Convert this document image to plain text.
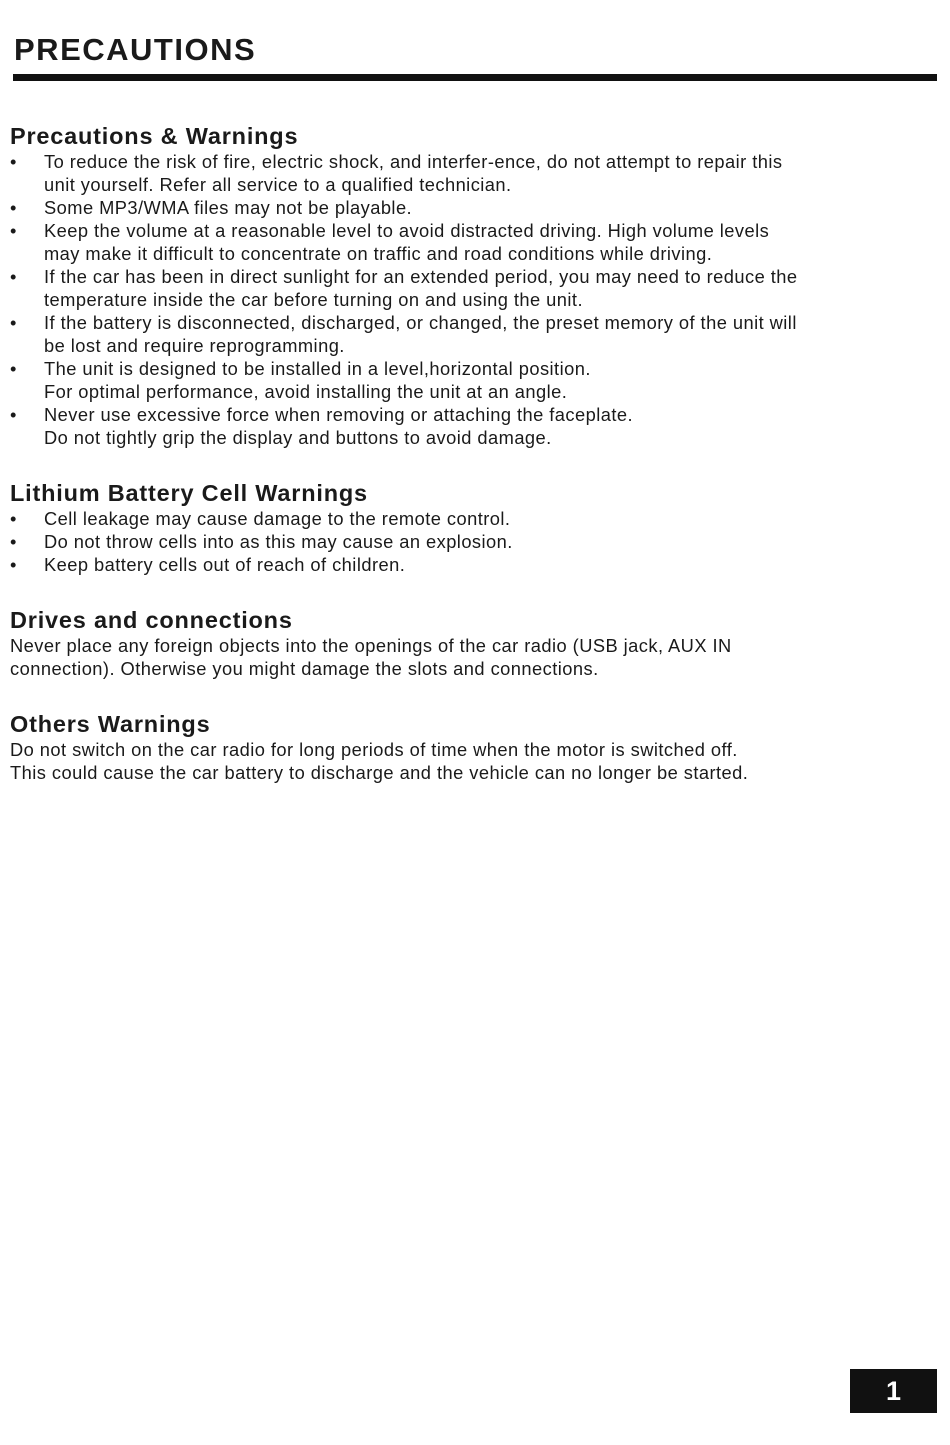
PRECAUTIONS
Precautions & Warnings
•	To reduce the risk of fire, electric shock, and interfer-ence, do not attempt to repair this
unit yourself. Refer all service to a qualified technician.
•	Some MP3/WMA files may not be playable.
•	Keep the volume at a reasonable level to avoid distracted driving. High volume levels
may make it difficult to concentrate on traffic and road conditions while driving.
•	If the car has been in direct sunlight for an extended period, you may need to reduce the
temperature inside the car before turning on and using the unit.
•	If the battery is disconnected, discharged, or changed, the preset memory of the unit will
be lost and require reprogramming.
•	The unit is designed to be installed in a level,horizontal position.
For optimal performance, avoid installing the unit at an angle.
•	Never use excessive force when removing or attaching the faceplate.
Do not tightly grip the display and buttons to avoid damage.
Lithium Battery Cell Warnings
•	Cell leakage may cause damage to the remote control.
•	Do not throw cells into as this may cause an explosion.
•	Keep battery cells out of reach of children.
Drives and connections

Never place any foreign objects into the openings of the car radio (USB jack, AUX IN
connection). Otherwise you might damage the slots and connections.

Others Warnings

Do not switch on the car radio for long periods of time when the motor is switched off.
This could cause the car battery to discharge and the vehicle can no longer be started.

1
